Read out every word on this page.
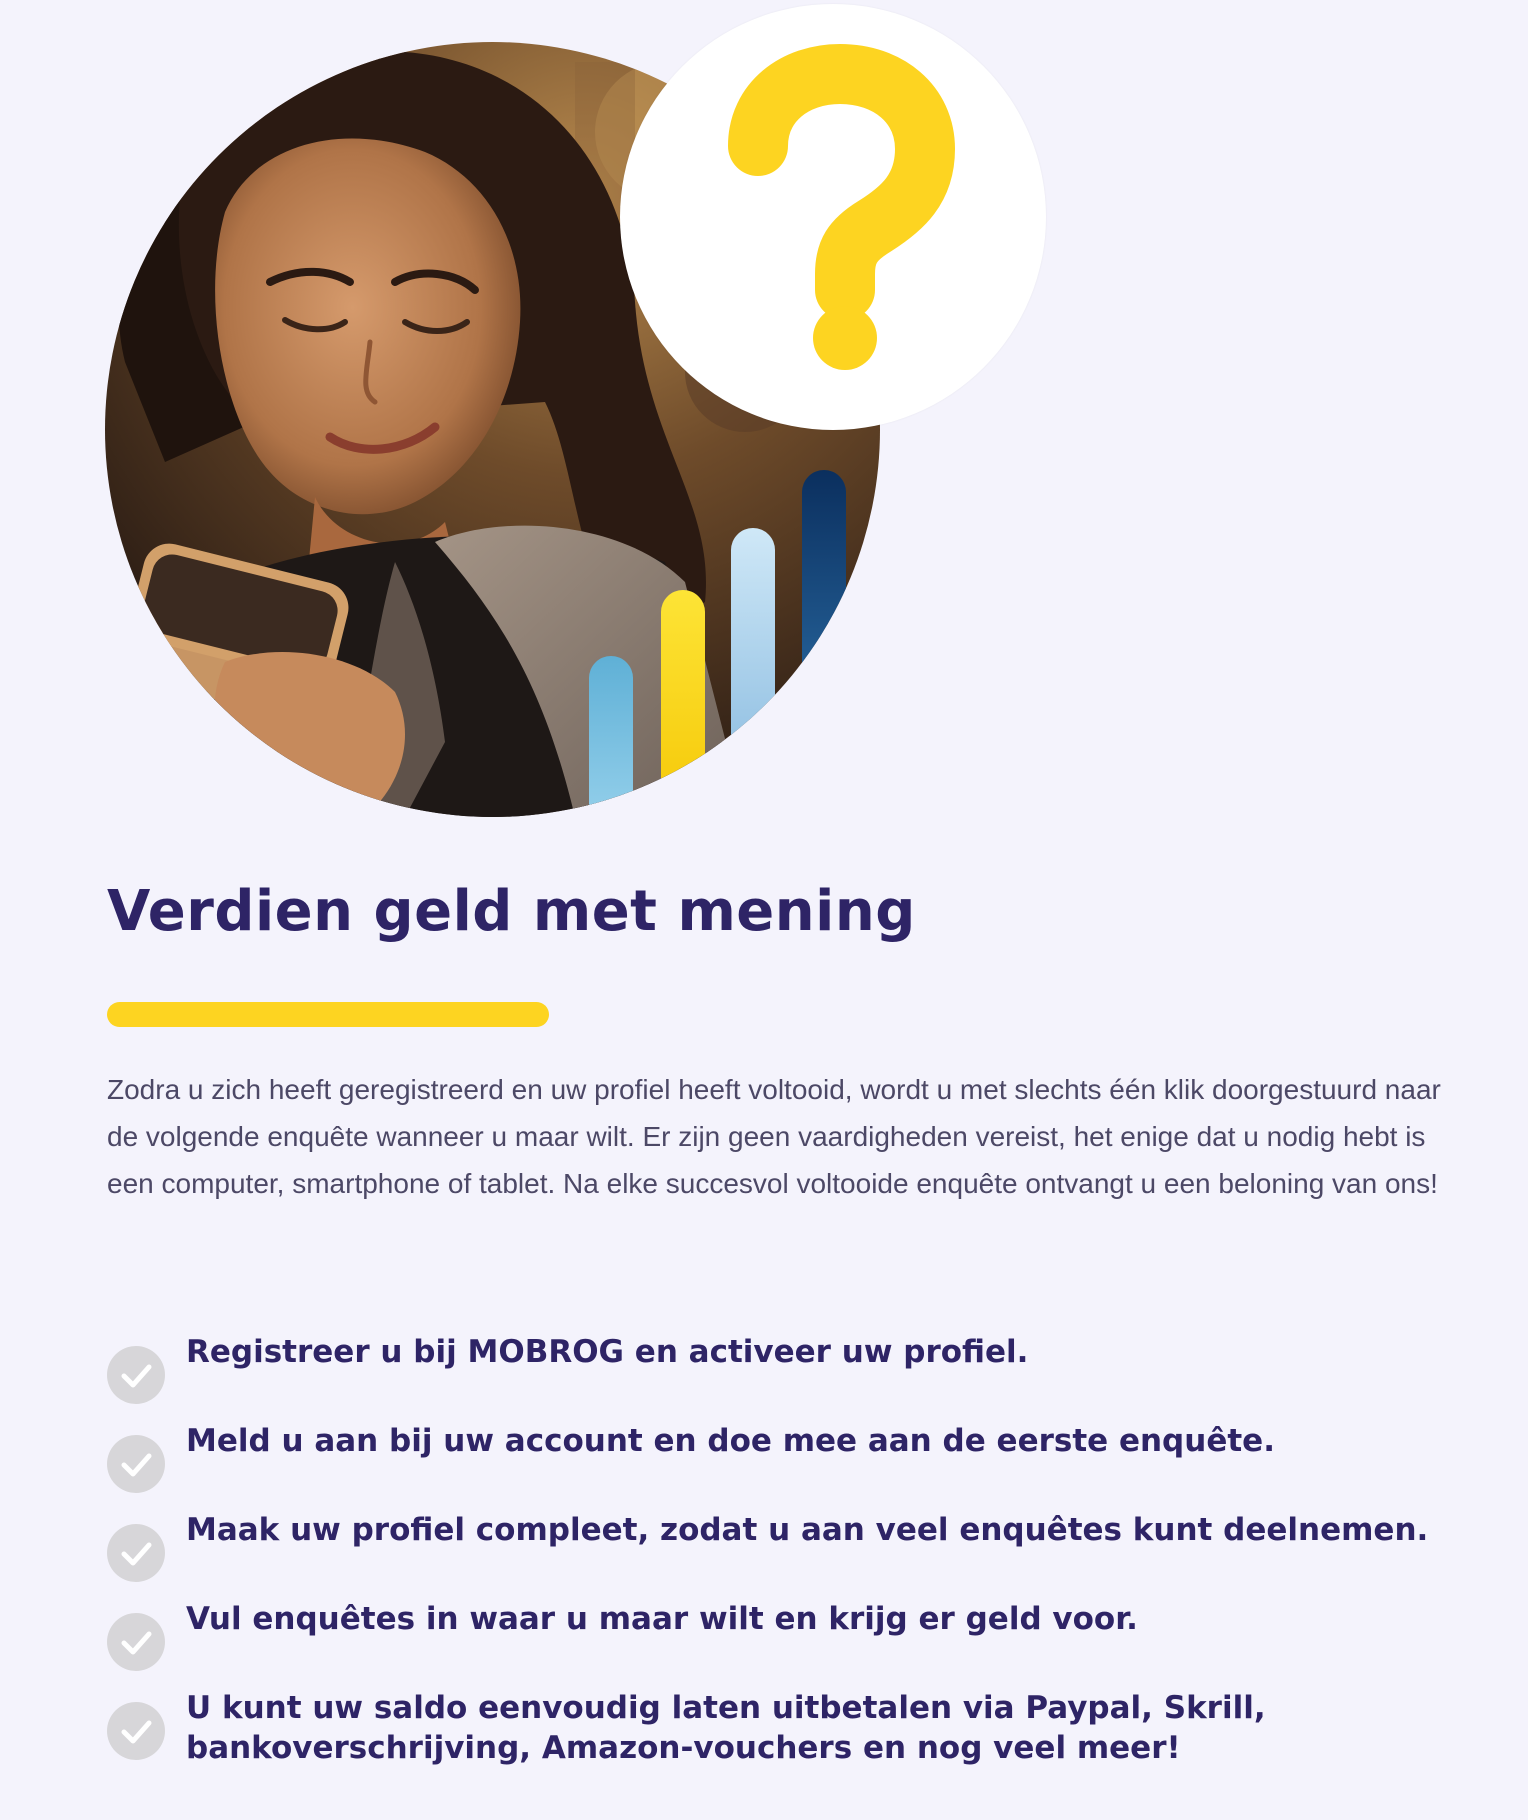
Verdien geld met mening

Zodra u zich heeft geregistreerd en uw profiel heeft voltooid, wordt u met slechts één klik doorgestuurd naar de volgende enquête wanneer u maar wilt. Er zijn geen vaardigheden vereist, het enige dat u nodig hebt is een computer, smartphone of tablet. Na elke succesvol voltooide enquête ontvangt u een beloning van ons!

Registreer u bij MOBROG en activeer uw profiel.
Meld u aan bij uw account en doe mee aan de eerste enquête.
Maak uw profiel compleet, zodat u aan veel enquêtes kunt deelnemen.
Vul enquêtes in waar u maar wilt en krijg er geld voor.
U kunt uw saldo eenvoudig laten uitbetalen via Paypal, Skrill, bankoverschrijving, Amazon-vouchers en nog veel meer!
